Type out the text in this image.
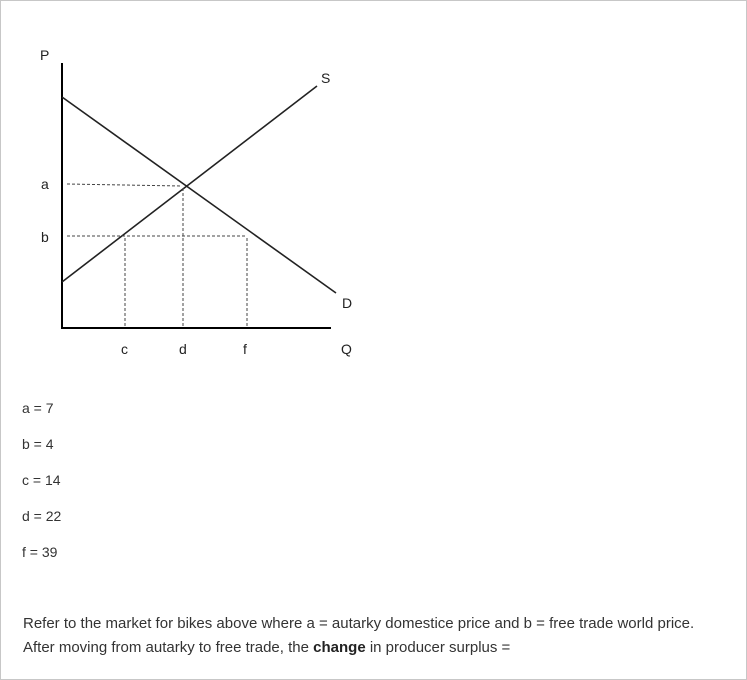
P
a
b
S
D
c	d	f	Q
a = 7
b = 4
c = 14
d = 22
f = 39

Refer to the market for bikes above where a = autarky domestice price and b = free trade world price. After moving from autarky to free trade, the change in producer surplus =
